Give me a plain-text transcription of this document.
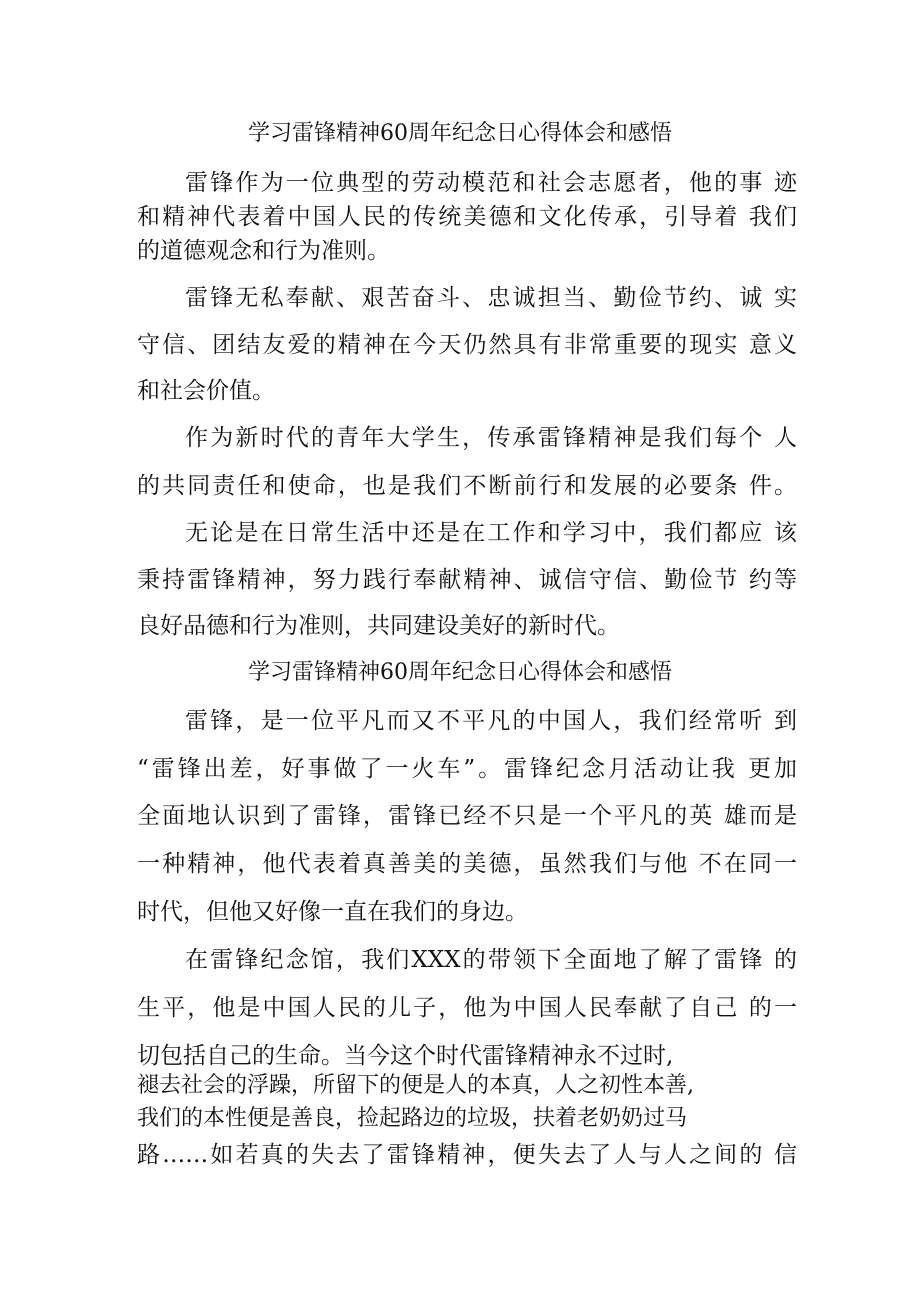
学习雷锋精神60周年纪念日心得体会和感悟
雷锋作为一位典型的劳动模范和社会志愿者，他的事 迹
和精神代表着中国人民的传统美德和文化传承，引导着 我们
的道德观念和行为准则。
雷锋无私奉献、艰苦奋斗、忠诚担当、勤俭节约、诚 实
守信、团结友爱的精神在今天仍然具有非常重要的现实 意义
和社会价值。
作为新时代的青年大学生，传承雷锋精神是我们每个 人
的共同责任和使命，也是我们不断前行和发展的必要条 件。
无论是在日常生活中还是在工作和学习中，我们都应 该
秉持雷锋精神，努力践行奉献精神、诚信守信、勤俭节 约等
良好品德和行为准则，共同建设美好的新时代。
学习雷锋精神60周年纪念日心得体会和感悟
雷锋，是一位平凡而又不平凡的中国人，我们经常听 到
“雷锋出差，好事做了一火车”。雷锋纪念月活动让我 更加
全面地认识到了雷锋，雷锋已经不只是一个平凡的英 雄而是
一种精神，他代表着真善美的美德，虽然我们与他 不在同一
时代，但他又好像一直在我们的身边。
在雷锋纪念馆，我们XXX的带领下全面地了解了雷锋 的
生平，他是中国人民的儿子，他为中国人民奉献了自己 的一
切包括自己的生命。当今这个时代雷锋精神永不过时,
褪去社会的浮躁，所留下的便是人的本真，人之初性本善,
我们的本性便是善良，捡起路边的垃圾，扶着老奶奶过马
路……如若真的失去了雷锋精神，便失去了人与人之间的 信
